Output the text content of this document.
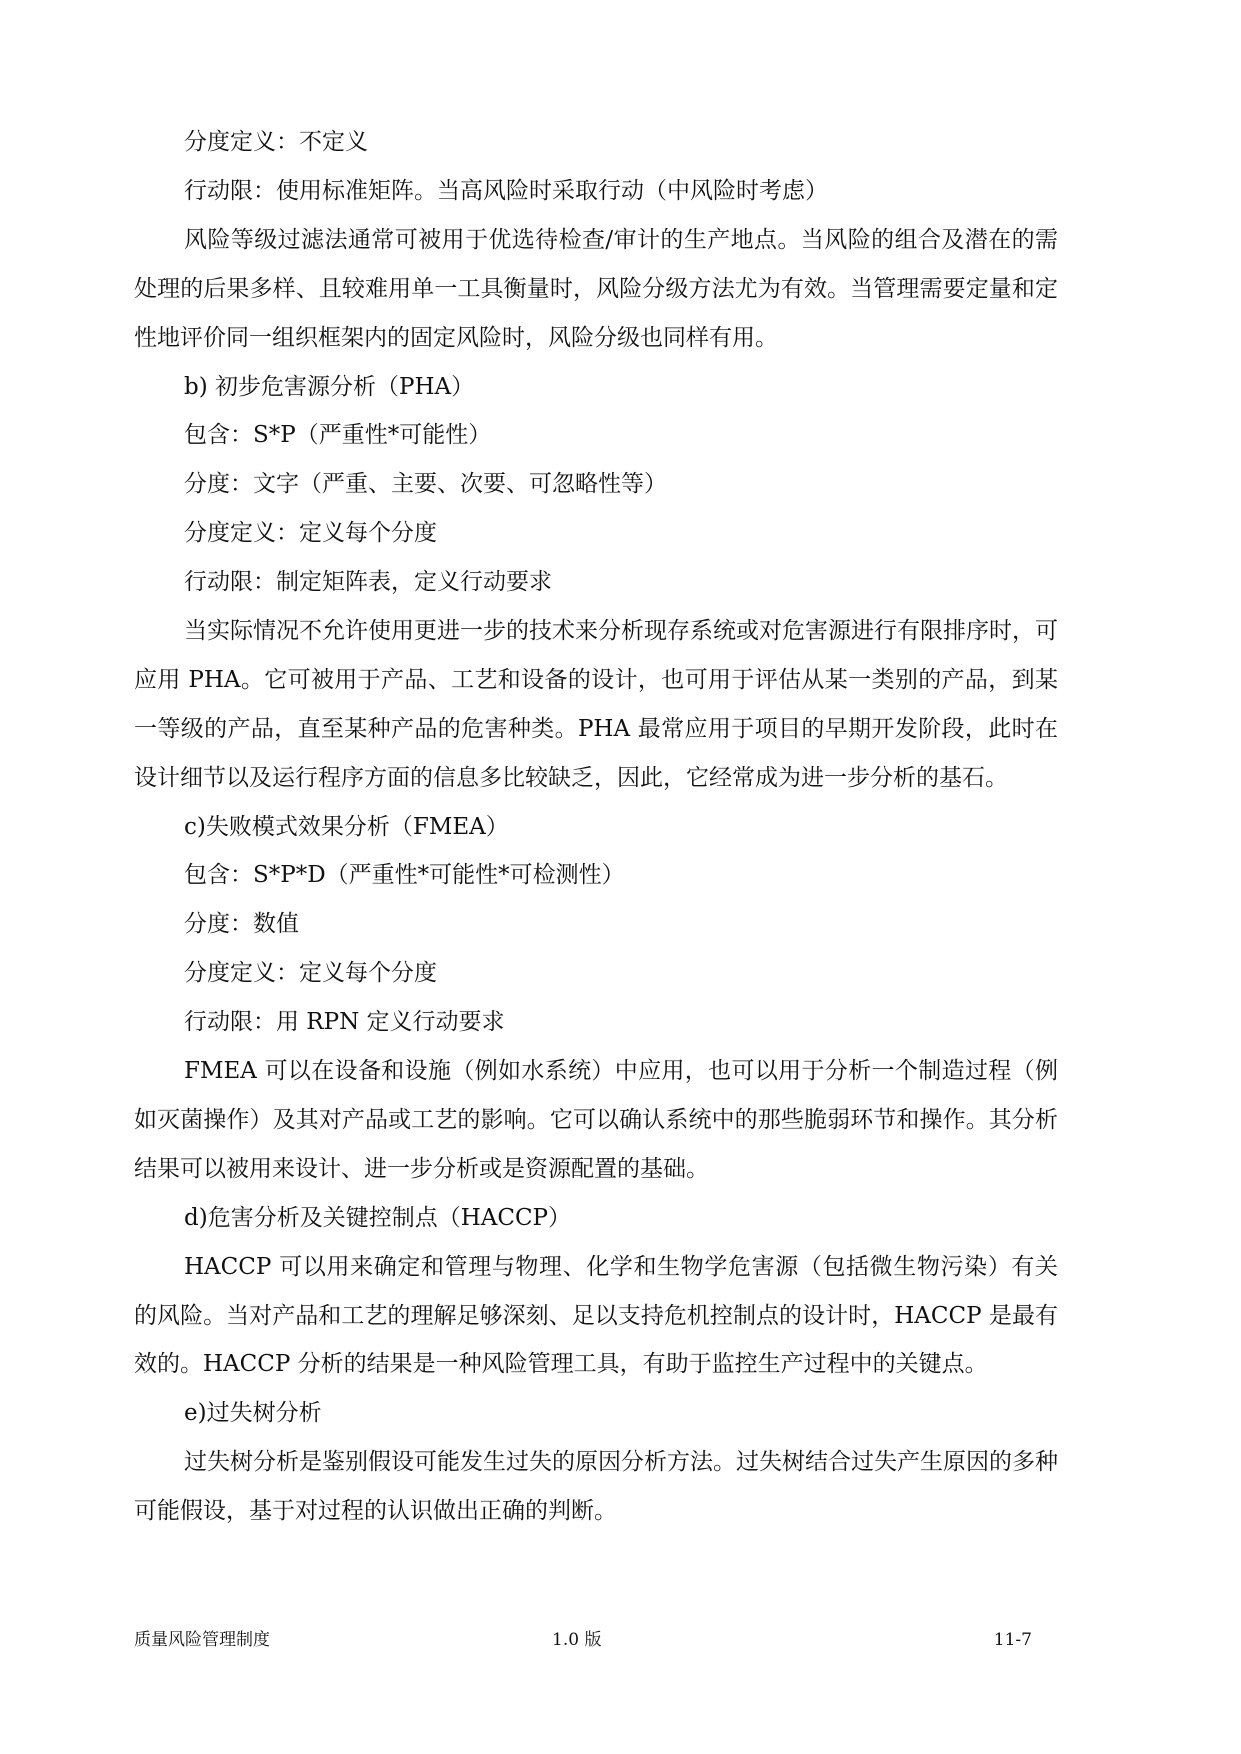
分度定义：不定义
行动限：使用标准矩阵。当高风险时采取行动（中风险时考虑）
风险等级过滤法通常可被用于优选待检查/审计的生产地点。当风险的组合及潜在的需处理的后果多样、且较难用单一工具衡量时，风险分级方法尤为有效。当管理需要定量和定性地评价同一组织框架内的固定风险时，风险分级也同样有用。
b) 初步危害源分析（PHA）
包含：S*P（严重性*可能性）
分度：文字（严重、主要、次要、可忽略性等）
分度定义：定义每个分度
行动限：制定矩阵表，定义行动要求
当实际情况不允许使用更进一步的技术来分析现存系统或对危害源进行有限排序时，可应用 PHA。它可被用于产品、工艺和设备的设计，也可用于评估从某一类别的产品，到某一等级的产品，直至某种产品的危害种类。PHA 最常应用于项目的早期开发阶段，此时在设计细节以及运行程序方面的信息多比较缺乏，因此，它经常成为进一步分析的基石。
c)失败模式效果分析（FMEA）
包含：S*P*D（严重性*可能性*可检测性）
分度：数值
分度定义：定义每个分度
行动限：用 RPN 定义行动要求
FMEA 可以在设备和设施（例如水系统）中应用，也可以用于分析一个制造过程（例如灭菌操作）及其对产品或工艺的影响。它可以确认系统中的那些脆弱环节和操作。其分析结果可以被用来设计、进一步分析或是资源配置的基础。
d)危害分析及关键控制点（HACCP）
HACCP 可以用来确定和管理与物理、化学和生物学危害源（包括微生物污染）有关的风险。当对产品和工艺的理解足够深刻、足以支持危机控制点的设计时，HACCP 是最有效的。HACCP 分析的结果是一种风险管理工具，有助于监控生产过程中的关键点。
e)过失树分析
过失树分析是鉴别假设可能发生过失的原因分析方法。过失树结合过失产生原因的多种可能假设，基于对过程的认识做出正确的判断。
质量风险管理制度	1.0 版	11-7
